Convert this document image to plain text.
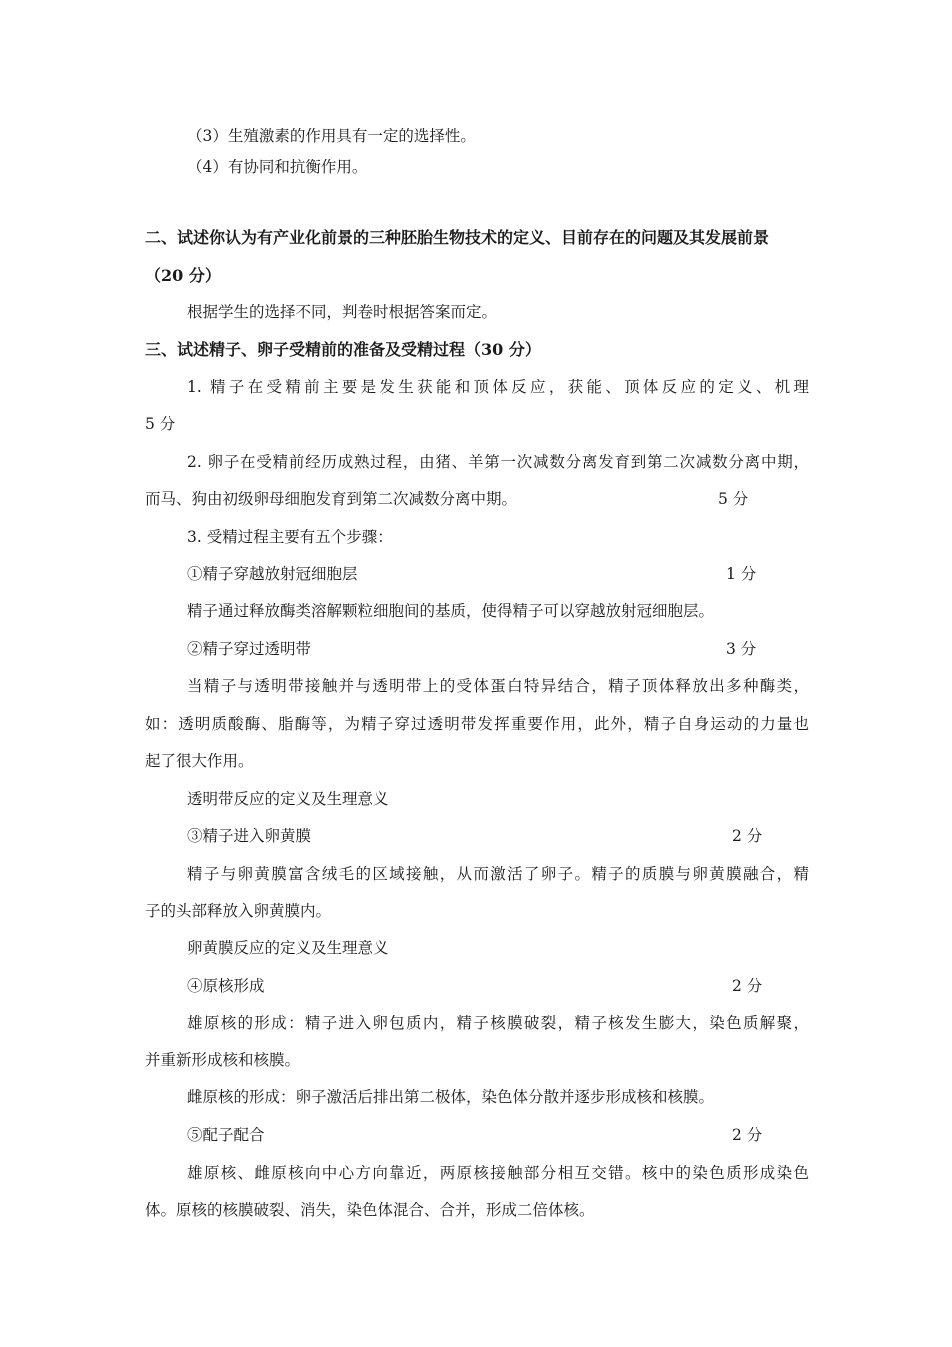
（3）生殖激素的作用具有一定的选择性。
（4）有协同和抗衡作用。
二、试述你认为有产业化前景的三种胚胎生物技术的定义、目前存在的问题及其发展前景
（20 分）
根据学生的选择不同，判卷时根据答案而定。
三、试述精子、卵子受精前的准备及受精过程（30 分）
1. 精子在受精前主要是发生获能和顶体反应，获能、顶体反应的定义、机理
5 分
2. 卵子在受精前经历成熟过程，由猪、羊第一次减数分离发育到第二次减数分离中期，
而马、狗由初级卵母细胞发育到第二次减数分离中期。	5 分
3. 受精过程主要有五个步骤：
①精子穿越放射冠细胞层	1 分
精子通过释放酶类溶解颗粒细胞间的基质，使得精子可以穿越放射冠细胞层。
②精子穿过透明带	3 分
当精子与透明带接触并与透明带上的受体蛋白特异结合，精子顶体释放出多种酶类，
如：透明质酸酶、脂酶等，为精子穿过透明带发挥重要作用，此外，精子自身运动的力量也
起了很大作用。
透明带反应的定义及生理意义
③精子进入卵黄膜	2 分
精子与卵黄膜富含绒毛的区域接触，从而激活了卵子。精子的质膜与卵黄膜融合，精
子的头部释放入卵黄膜内。
卵黄膜反应的定义及生理意义
④原核形成	2 分
雄原核的形成：精子进入卵包质内，精子核膜破裂，精子核发生膨大，染色质解聚，
并重新形成核和核膜。
雌原核的形成：卵子激活后排出第二极体，染色体分散并逐步形成核和核膜。
⑤配子配合	2 分
雄原核、雌原核向中心方向靠近，两原核接触部分相互交错。核中的染色质形成染色
体。原核的核膜破裂、消失，染色体混合、合并，形成二倍体核。
